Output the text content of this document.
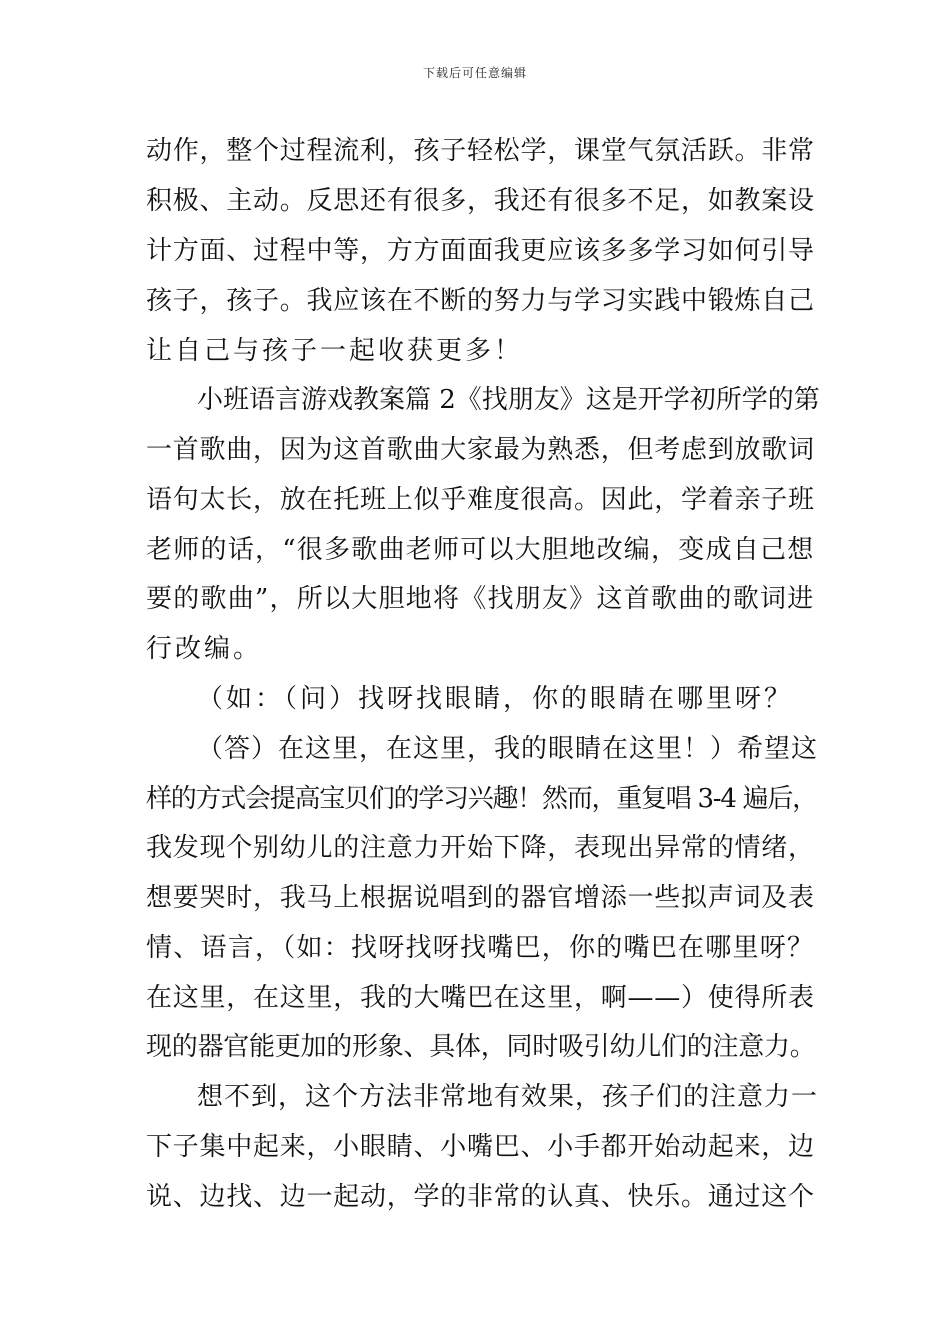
下载后可任意编辑
动作，整个过程流利，孩子轻松学，课堂气氛活跃。非常
积极、主动。反思还有很多，我还有很多不足，如教案设
计方面、过程中等，方方面面我更应该多多学习如何引导
孩子，孩子。我应该在不断的努力与学习实践中锻炼自己
让自己与孩子一起收获更多！
小班语言游戏教案篇 2《找朋友》这是开学初所学的第
一首歌曲，因为这首歌曲大家最为熟悉，但考虑到放歌词
语句太长，放在托班上似乎难度很高。因此，学着亲子班
老师的话，“很多歌曲老师可以大胆地改编，变成自己想
要的歌曲”，所以大胆地将《找朋友》这首歌曲的歌词进
行改编。
（如：（问）找呀找眼睛，你的眼睛在哪里呀？
（答）在这里，在这里，我的眼睛在这里！）希望这
样的方式会提高宝贝们的学习兴趣！然而，重复唱 3-4 遍后，
我发现个别幼儿的注意力开始下降，表现出异常的情绪，
想要哭时，我马上根据说唱到的器官增添一些拟声词及表
情、语言，（如：找呀找呀找嘴巴，你的嘴巴在哪里呀？
在这里，在这里，我的大嘴巴在这里，啊——）使得所表
现的器官能更加的形象、具体，同时吸引幼儿们的注意力。
想不到，这个方法非常地有效果，孩子们的注意力一
下子集中起来，小眼睛、小嘴巴、小手都开始动起来，边
说、边找、边一起动，学的非常的认真、快乐。通过这个
